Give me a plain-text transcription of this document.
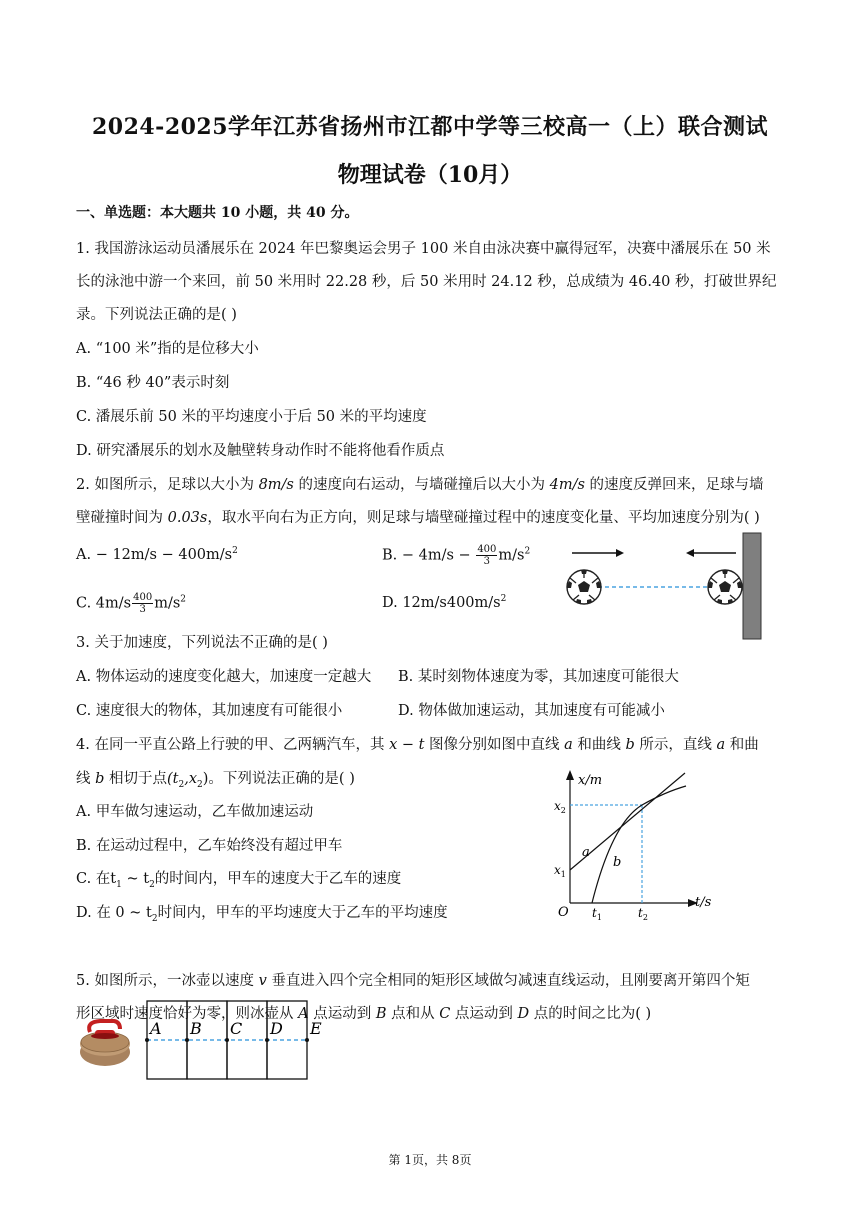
2024-2025学年江苏省扬州市江都中学等三校高一（上）联合测试
物理试卷（10月）
一、单选题：本大题共 10 小题，共 40 分。
1. 我国游泳运动员潘展乐在 2024 年巴黎奥运会男子 100 米自由泳决赛中赢得冠军，决赛中潘展乐在 50 米
长的泳池中游一个来回，前 50 米用时 22.28 秒，后 50 米用时 24.12 秒，总成绩为 46.40 秒，打破世界纪
录。下列说法正确的是( )
A. “100 米”指的是位移大小
B. “46 秒 40”表示时刻
C. 潘展乐前 50 米的平均速度小于后 50 米的平均速度
D. 研究潘展乐的划水及触壁转身动作时不能将他看作质点
2. 如图所示，足球以大小为 8m/s 的速度向右运动，与墙碰撞后以大小为 4m/s 的速度反弹回来，足球与墙
壁碰撞时间为 0.03s，取水平向右为正方向，则足球与墙壁碰撞过程中的速度变化量、平均加速度分别为( )
A. − $12m/s - 400m/s^2$	B. − $4m/s - \frac{400}{3} m/s^2$
C. $4m/s \frac{400}{3} m/s^2$	D. $12m/s400m/s^2$
3. 关于加速度，下列说法不正确的是( )
A. 物体运动的速度变化越大，加速度一定越大 B. 某时刻物体速度为零，其加速度可能很大
C. 速度很大的物体，其加速度有可能很小	D. 物体做加速运动，其加速度有可能减小
4. 在同一平直公路上行驶的甲、乙两辆汽车，其 x − t 图像分别如图中直线 a 和曲线 b 所示，直线 a 和曲
线 b 相切于点$(t_2,x_2)$。下列说法正确的是( )
A. 甲车做匀速运动，乙车做加速运动
B. 在运动过程中，乙车始终没有超过甲车
C. 在$t_1$ ~ $t_2$的时间内，甲车的速度大于乙车的速度
D. 在 0 ~ $t_2$时间内，甲车的平均速度大于乙车的平均速度
x/m
t/s
O
$x_2$
$x_1$
$t_1$	$t_2$
a
b
5. 如图所示，一冰壶以速度 v 垂直进入四个完全相同的矩形区域做匀减速直线运动，且刚要离开第四个矩
形区域时速度恰好为零，则冰壶从 A 点运动到 B 点和从 C 点运动到 D 点的时间之比为( )
A B C D E
第 1页，共 8页
